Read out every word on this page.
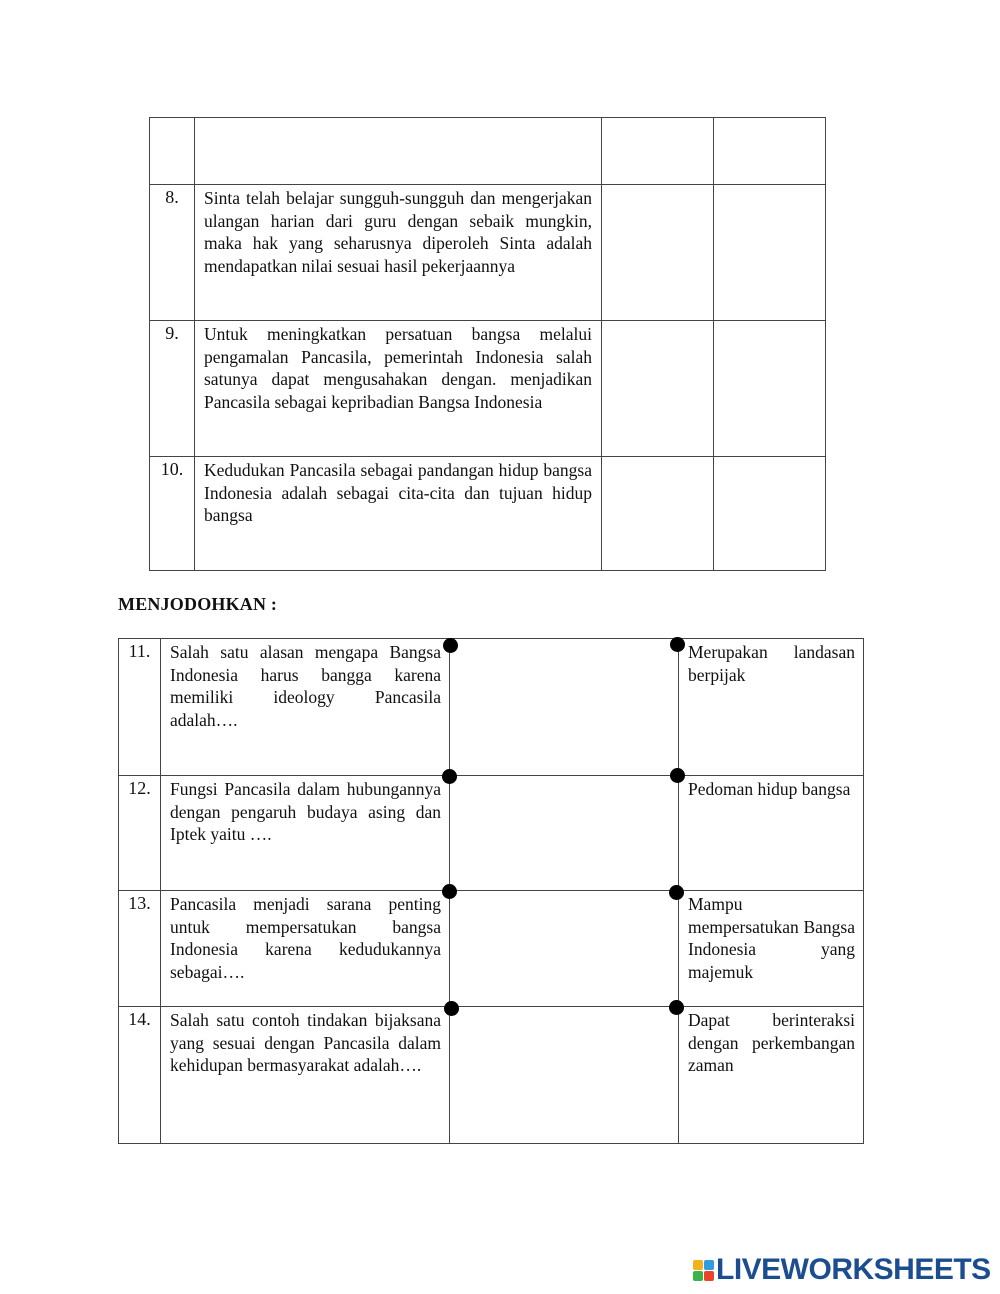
8.	Sinta telah belajar sungguh-sungguh dan mengerjakan ulangan harian dari guru dengan sebaik mungkin, maka hak yang seharusnya diperoleh Sinta adalah mendapatkan nilai sesuai hasil pekerjaannya		
9.	Untuk meningkatkan persatuan bangsa melalui pengamalan Pancasila, pemerintah Indonesia salah satunya dapat mengusahakan dengan. menjadikan Pancasila sebagai kepribadian Bangsa Indonesia		
10.	Kedudukan Pancasila sebagai pandangan hidup bangsa Indonesia adalah sebagai cita-cita dan tujuan hidup bangsa		
MENJODOHKAN :
11.	Salah satu alasan mengapa Bangsa Indonesia harus bangga karena memiliki ideology Pancasila adalah….		Merupakan landasan berpijak
12.	Fungsi Pancasila dalam hubungannya dengan pengaruh budaya asing dan Iptek yaitu ….		Pedoman hidup bangsa
13.	Pancasila menjadi sarana penting untuk mempersatukan bangsa Indonesia karena kedudukannya sebagai….		Mampu mempersatukan Bangsa Indonesia yang majemuk
14.	Salah satu contoh tindakan bijaksana yang sesuai dengan Pancasila dalam kehidupan bermasyarakat adalah….		Dapat berinteraksi dengan perkembangan zaman
LIVEWORKSHEETS
